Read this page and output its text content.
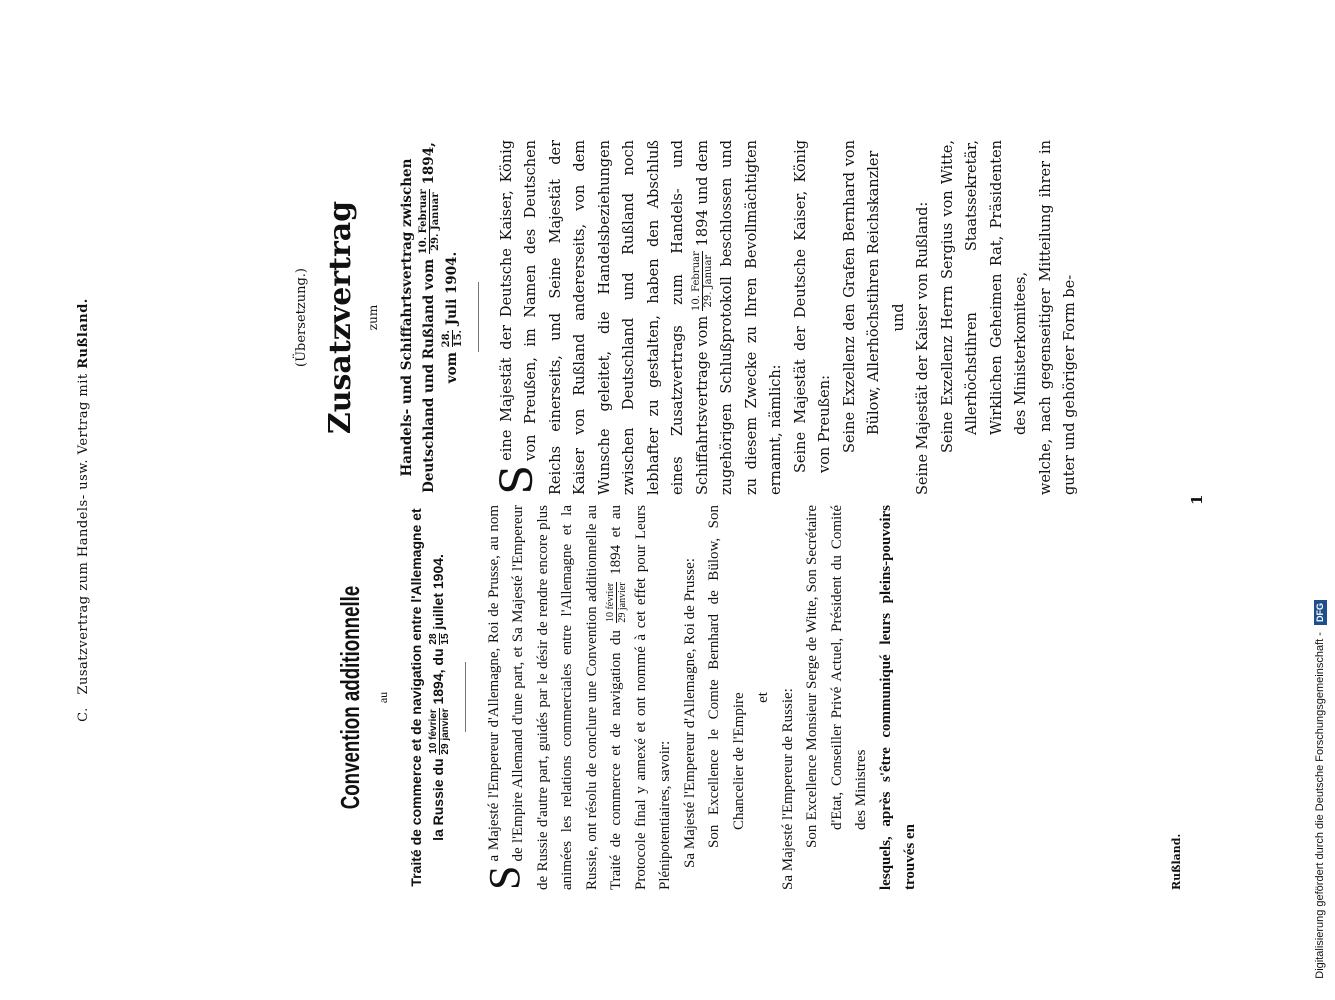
C. Zusatzvertrag zum Handels- usw. Vertrag mit Rußland.
Convention additionnelle au	Traité de commerce et de navigation entre l'Allemagne et la Russie du
10 février 29 janvier
1894, du
28 15
juillet 1904.
S
a Majesté l'Empereur d'Allemagne, Roi de Prusse, au nom de l'Empire Allemand d'une part, et Sa Majesté l'Empereur de Russie d'autre part, guidés par le désir de rendre encore plus animées les relations commerciales entre l'Allemagne et la Russie, ont résolu de conclure une Convention additionnelle au Traité de commerce et de navigation du
10 février 29 janvier
1894 et au Protocole final y annexé et ont nommé à cet effet pour Leurs Plénipotentiaires, savoir: Sa Majesté l'Empereur d'Allemagne, Roi de Prusse: Son Excellence le Comte Bernhard de Bülow, Son Chancelier de l'Empire et Sa Majesté l'Empereur de Russie: Son Excellence Monsieur Serge de Witte, Son Secrétaire d'Etat, Conseiller Privé Actuel, Président du Comité des Ministres lesquels, après s'être communiqué leurs pleins-pouvoirs trouvés en
(Übersetzung.) Zusatzvertrag zum	Handels- und Schiffahrtsvertrag zwischen Deutschland und Rußland vom
10. Februar 29. Januar
1894, vom
28. 15.
Juli 1904.
S
eine Majestät der Deutsche Kaiser, König von Preußen, im Namen des Deutschen Reichs einerseits, und Seine Majestät der Kaiser von Rußland andererseits, von dem Wunsche geleitet, die Handelsbeziehungen zwischen Deutschland und Rußland noch lebhafter zu gestalten, haben den Abschluß eines Zusatzvertrags zum Handels- und Schiffahrtsvertrage vom
10. Februar 29. Januar
1894 und dem zugehörigen Schlußprotokoll beschlossen und zu diesem Zwecke zu Ihren Bevollmächtigten ernannt, nämlich: Seine Majestät der Deutsche Kaiser, König von Preußen: Seine Exzellenz den Grafen Bernhard von Bülow, Allerhöchstihren Reichskanzler und Seine Majestät der Kaiser von Rußland: Seine Exzellenz Herrn Sergius von Witte, Allerhöchstihren Staatssekretär, Wirklichen Geheimen Rat, Präsidenten des Ministerkomitees, welche, nach gegenseitiger Mitteilung ihrer in guter und gehöriger Form be-
Rußland.
1
Digitalisierung gefördert durch die Deutsche Forschungsgemeinschaft - DFG
